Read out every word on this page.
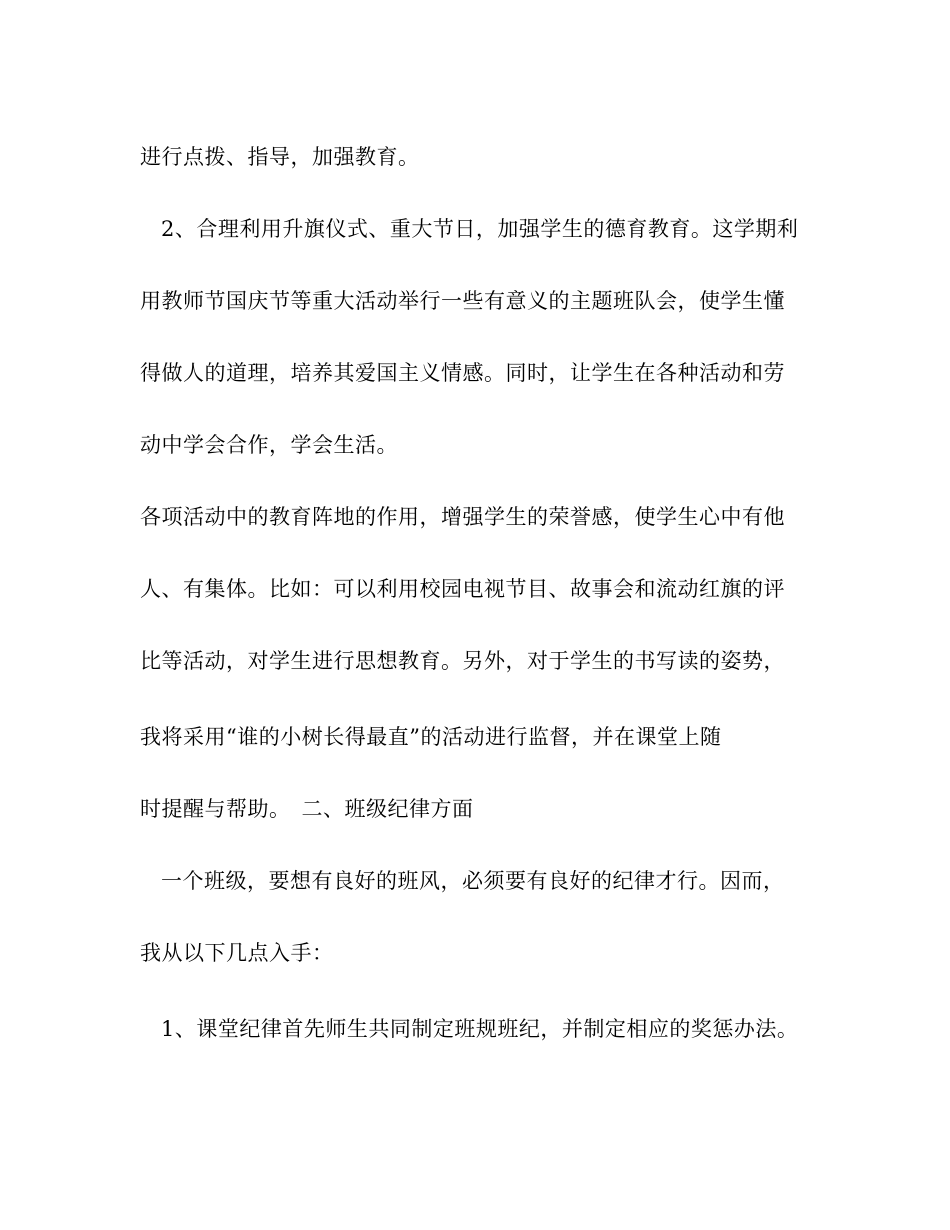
进行点拨、指导，加强教育。
2、合理利用升旗仪式、重大节日，加强学生的德育教育。这学期利
用教师节国庆节等重大活动举行一些有意义的主题班队会，使学生懂
得做人的道理，培养其爱国主义情感。同时，让学生在各种活动和劳
动中学会合作，学会生活。
各项活动中的教育阵地的作用，增强学生的荣誉感，使学生心中有他
人、有集体。比如：可以利用校园电视节目、故事会和流动红旗的评
比等活动，对学生进行思想教育。另外，对于学生的书写读的姿势，
我将采用“谁的小树长得最直”的活动进行监督，并在课堂上随
时提醒与帮助。　二、班级纪律方面
一个班级，要想有良好的班风，必须要有良好的纪律才行。因而，
我从以下几点入手：
1、课堂纪律首先师生共同制定班规班纪，并制定相应的奖惩办法。
